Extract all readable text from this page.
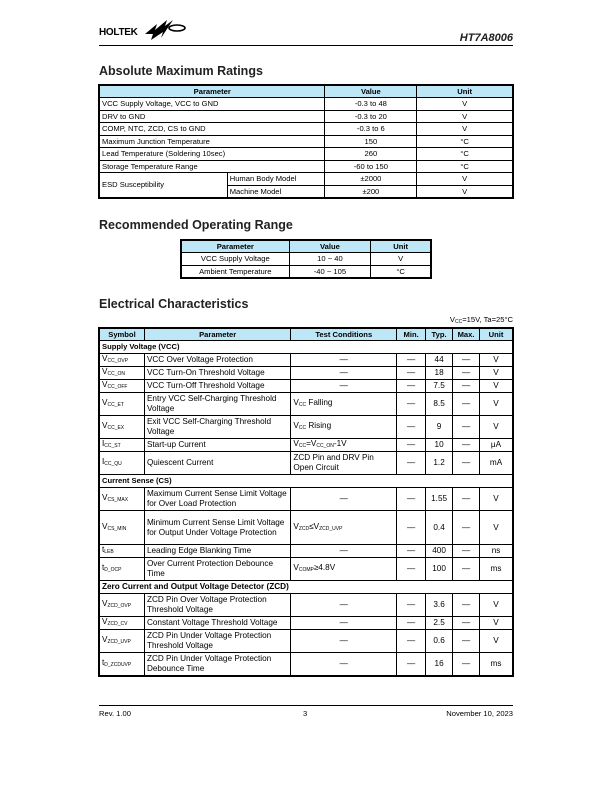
HOLTEK	HT7A8006
Absolute Maximum Ratings
Parameter		Value	Unit
VCC Supply Voltage, VCC to GND		-0.3 to 48	V
DRV to GND		-0.3 to 20	V
COMP, NTC, ZCD, CS to GND		-0.3 to 6	V
Maximum Junction Temperature		150	°C
Lead Temperature (Soldering 10sec)		260	°C
Storage Temperature Range		-60 to 150	°C
ESD Susceptibility	Human Body Model	±2000	V
	Machine Model	±200	V
Recommended Operating Range
Parameter	Value	Unit
VCC Supply Voltage	10 ~ 40	V
Ambient Temperature	-40 ~ 105	°C
Electrical Characteristics
$V_{CC}=15V$, Ta=25°C
Symbol	Parameter	Test Conditions	Min.	Typ.	Max.	Unit
Supply Voltage (VCC)						
$V_{CC\_OVP}$	VCC Over Voltage Protection	—	—	44	—	V
$V_{CC\_ON}$	VCC Turn-On Threshold Voltage	—	—	18	—	V
$V_{CC\_OFF}$	VCC Turn-Off Threshold Voltage	—	—	7.5	—	V
$V_{CC\_ET}$	Entry VCC Self-Charging Threshold Voltage	$V_{CC}$ Falling	—	8.5	—	V
$V_{CC\_EX}$	Exit VCC Self-Charging Threshold Voltage	$V_{CC}$ Rising	—	9	—	V
$I_{CC\_ST}$	Start-up Current	$V_{CC}=V_{CC\_ON}-1V$	—	10	—	μA
$I_{CC\_QU}$	Quiescent Current	ZCD Pin and DRV Pin Open Circuit	—	1.2	—	mA
Current Sense (CS)						
$V_{CS\_MAX}$	Maximum Current Sense Limit Voltage for Over Load Protection	—	—	1.55	—	V
$V_{CS\_MIN}$	Minimum Current Sense Limit Voltage for Output Under Voltage Protection	$V_{ZCD}\le V_{ZCD\_UVP}$	—	0.4	—	V
$t_{LEB}$	Leading Edge Blanking Time	—	—	400	—	ns
$t_{D\_OCP}$	Over Current Protection Debounce Time	$V_{COMP}\ge 4.8V$	—	100	—	ms
Zero Current and Output Voltage Detector (ZCD)						
$V_{ZCD\_OVP}$	ZCD Pin Over Voltage Protection Threshold Voltage	—	—	3.6	—	V
$V_{ZCD\_CV}$	Constant Voltage Threshold Voltage	—	—	2.5	—	V
$V_{ZCD\_UVP}$	ZCD Pin Under Voltage Protection Threshold Voltage	—	—	0.6	—	V
$t_{D\_ZCDUVP}$	ZCD Pin Under Voltage Protection Debounce Time	—	—	16	—	ms
Rev. 1.00	3	November 10, 2023
